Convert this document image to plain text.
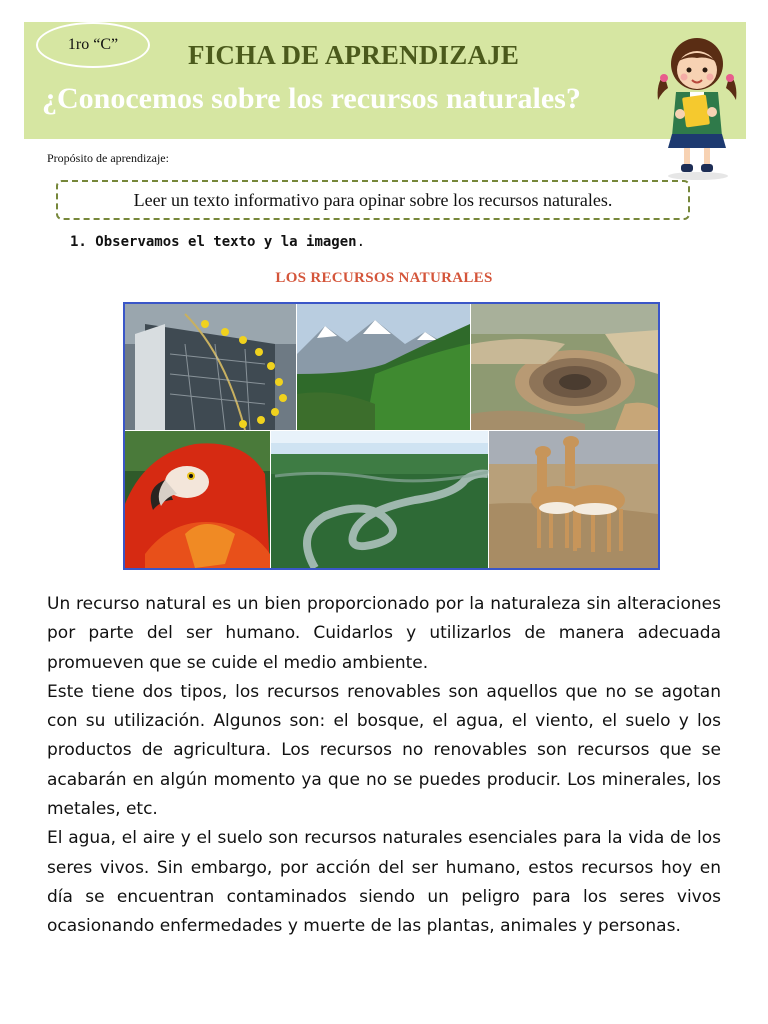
1ro “C”	FICHA DE APRENDIZAJE
¿Conocemos sobre los recursos naturales?
Propósito de aprendizaje:
Leer un texto informativo para opinar sobre los recursos naturales.
1. Observamos el texto y la imagen.
LOS RECURSOS NATURALES

Un recurso natural es un bien proporcionado por la naturaleza sin alteraciones por parte del ser humano. Cuidarlos y utilizarlos de manera adecuada promueven que se cuide el medio ambiente.

Este tiene dos tipos, los recursos renovables son aquellos que no se agotan con su utilización. Algunos son: el bosque, el agua, el viento, el suelo y los productos de agricultura. Los recursos no renovables son recursos que se acabarán en algún momento ya que no se puedes producir. Los minerales, los metales, etc.

El agua, el aire y el suelo son recursos naturales esenciales para la vida de los seres vivos. Sin embargo, por acción del ser humano, estos recursos hoy en día se encuentran contaminados siendo un peligro para los seres vivos ocasionando enfermedades y muerte de las plantas, animales y personas.
